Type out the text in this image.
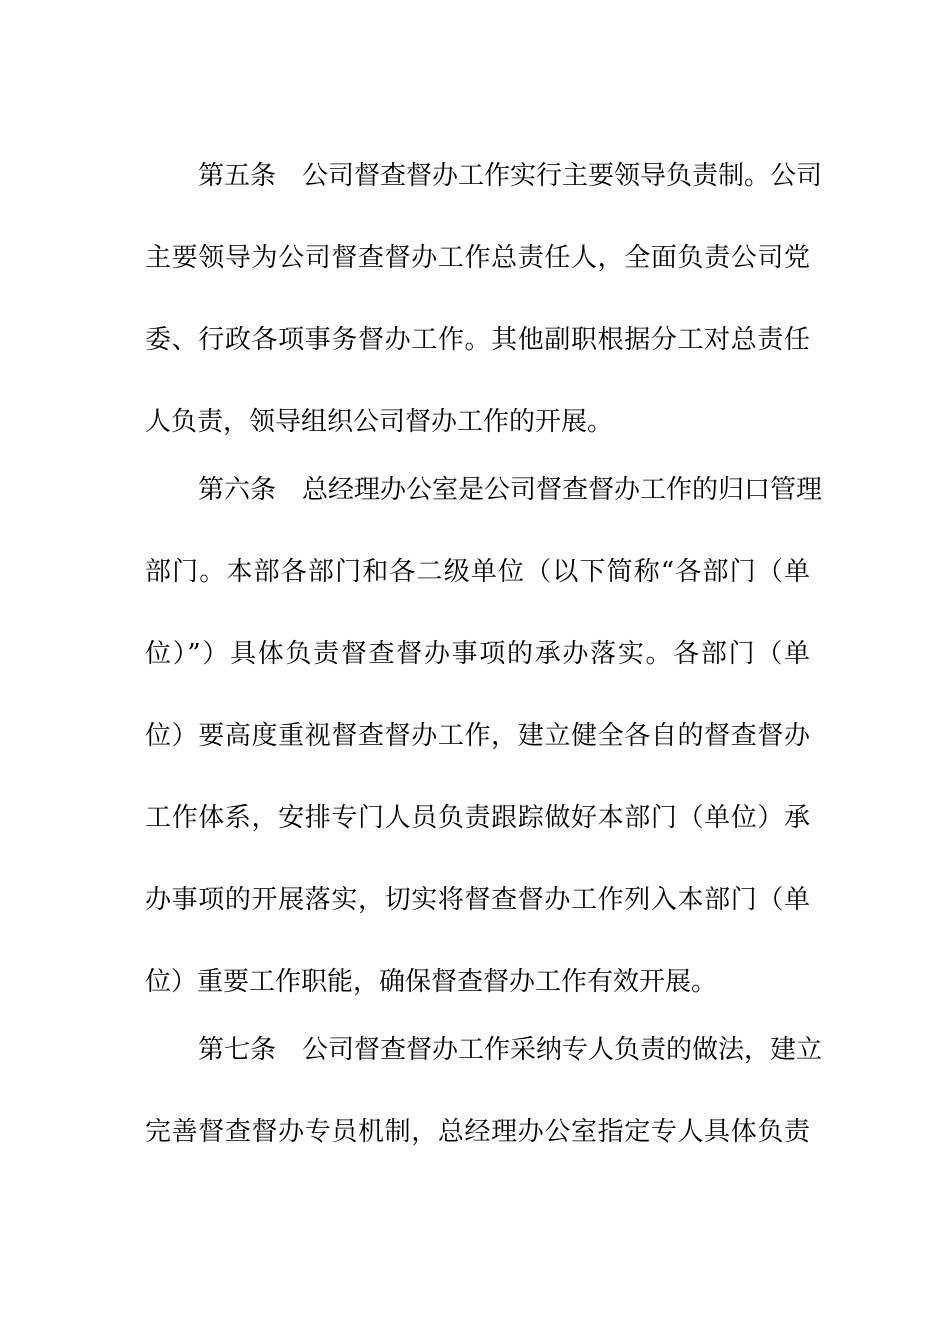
第五条　公司督查督办工作实行主要领导负责制。公司
主要领导为公司督查督办工作总责任人，全面负责公司党
委、行政各项事务督办工作。其他副职根据分工对总责任
人负责，领导组织公司督办工作的开展。
第六条　总经理办公室是公司督查督办工作的归口管理
部门。本部各部门和各二级单位（以下简称“各部门（单
位）”）具体负责督查督办事项的承办落实。各部门（单
位）要高度重视督查督办工作，建立健全各自的督查督办
工作体系，安排专门人员负责跟踪做好本部门（单位）承
办事项的开展落实，切实将督查督办工作列入本部门（单
位）重要工作职能，确保督查督办工作有效开展。
第七条　公司督查督办工作采纳专人负责的做法，建立
完善督查督办专员机制，总经理办公室指定专人具体负责
